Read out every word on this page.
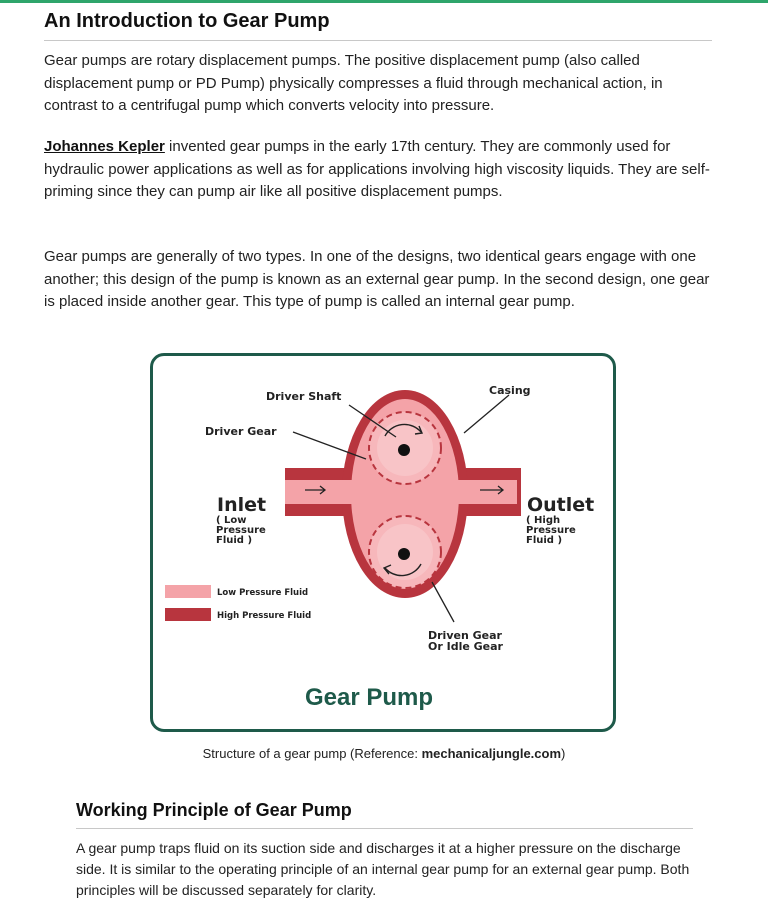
An Introduction to Gear Pump

Gear pumps are rotary displacement pumps. The positive displacement pump (also called displacement pump or PD Pump) physically compresses a fluid through mechanical action, in contrast to a centrifugal pump which converts velocity into pressure.

Johannes Kepler invented gear pumps in the early 17th century. They are commonly used for hydraulic power applications as well as for applications involving high viscosity liquids. They are self-priming since they can pump air like all positive displacement pumps.

Gear pumps are generally of two types. In one of the designs, two identical gears engage with one another; this design of the pump is known as an external gear pump. In the second design, one gear is placed inside another gear. This type of pump is called an internal gear pump.

Driver Shaft	Casing
Driver Gear
Inlet
( Low
Pressure
Fluid )
Outlet
( High
Pressure
Fluid )
Low Pressure Fluid
High Pressure Fluid
Driven Gear
Or Idle Gear
Gear Pump
Structure of a gear pump (Reference: mechanicaljungle.com)
Working Principle of Gear Pump

A gear pump traps fluid on its suction side and discharges it at a higher pressure on the discharge side. It is similar to the operating principle of an internal gear pump for an external gear pump. Both principles will be discussed separately for clarity.
